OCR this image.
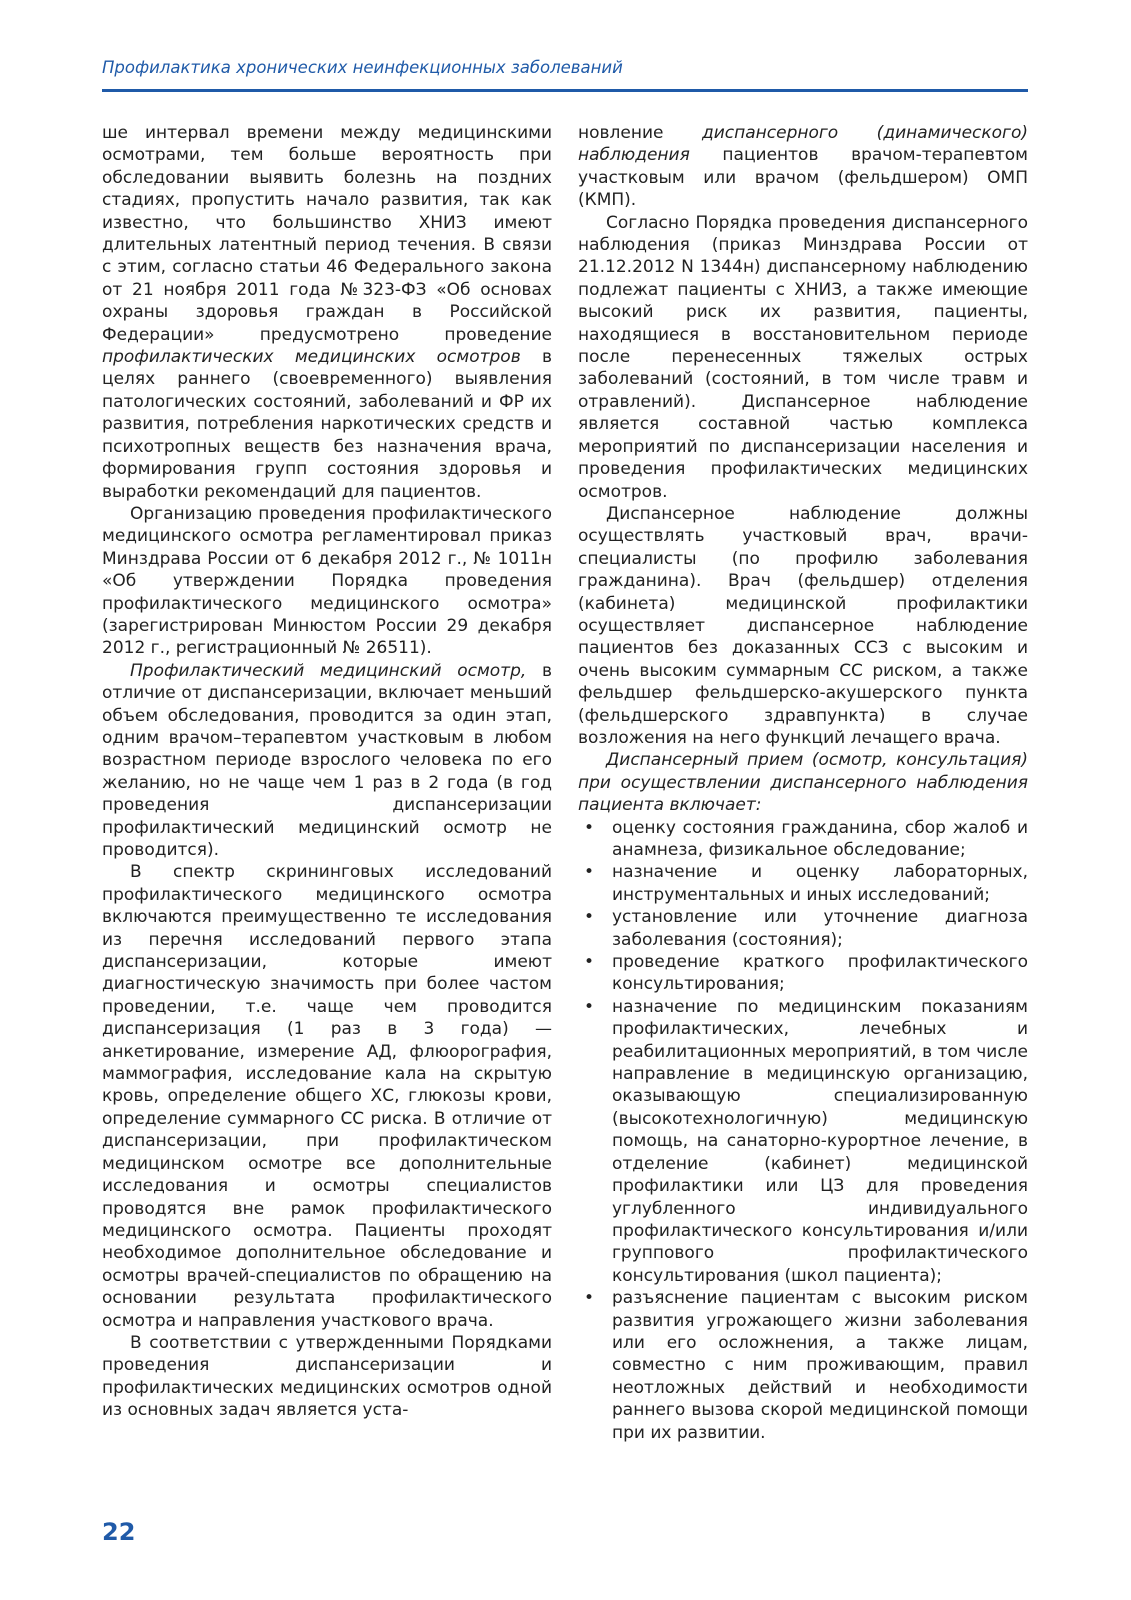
Профилактика хронических неинфекционных заболеваний

ше интервал времени между медицинскими осмотрами, тем больше вероятность при обследовании выявить болезнь на поздних стадиях, пропустить начало развития, так как известно, что большинство ХНИЗ имеют длительных латентный период течения. В связи с этим, согласно статьи 46 Федерального закона от 21 ноября 2011 года №323-ФЗ «Об основах охраны здоровья граждан в Российской Федерации» предусмотрено проведение профилактических медицинских осмотров в целях раннего (своевременного) выявления патологических состояний, заболеваний и ФР их развития, потребления наркотических средств и психотропных веществ без назначения врача, формирования групп состояния здоровья и выработки рекомендаций для пациентов.

Организацию проведения профилактического медицинского осмотра регламентировал приказ Минздрава России от 6 декабря 2012 г., № 1011н «Об утверждении Порядка проведения профилактического медицинского осмотра» (зарегистрирован Минюстом России 29 декабря 2012 г., регистрационный № 26511).

Профилактический медицинский осмотр, в отличие от диспансеризации, включает меньший объем обследования, проводится за один этап, одним врачом–терапевтом участковым в любом возрастном периоде взрослого человека по его желанию, но не чаще чем 1 раз в 2 года (в год проведения диспансеризации профилактический медицинский осмотр не проводится).

В спектр скрининговых исследований профилактического медицинского осмотра включаются преимущественно те исследования из перечня исследований первого этапа диспансеризации, которые имеют диагностическую значимость при более частом проведении, т.е. чаще чем проводится диспансеризация (1 раз в 3 года) — анкетирование, измерение АД, флюорография, маммография, исследование кала на скрытую кровь, определение общего ХС, глюкозы крови, определение суммарного СС риска. В отличие от диспансеризации, при профилактическом медицинском осмотре все дополнительные исследования и осмотры специалистов проводятся вне рамок профилактического медицинского осмотра. Пациенты проходят необходимое дополнительное обследование и осмотры врачей-специалистов по обращению на основании результата профилактического осмотра и направления участкового врача.

В соответствии с утвержденными Порядками проведения диспансеризации и профилактических медицинских осмотров одной из основных задач является уста-

новление диспансерного (динамического) наблюдения пациентов врачом-терапевтом участковым или врачом (фельдшером) ОМП (КМП).

Согласно Порядка проведения диспансерного наблюдения (приказ Минздрава России от 21.12.2012 N 1344н) диспансерному наблюдению подлежат пациенты с ХНИЗ, а также имеющие высокий риск их развития, пациенты, находящиеся в восстановительном периоде после перенесенных тяжелых острых заболеваний (состояний, в том числе травм и отравлений). Диспансерное наблюдение является составной частью комплекса мероприятий по диспансеризации населения и проведения профилактических медицинских осмотров.

Диспансерное наблюдение должны осуществлять участковый врач, врачи-специалисты (по профилю заболевания гражданина). Врач (фельдшер) отделения (кабинета) медицинской профилактики осуществляет диспансерное наблюдение пациентов без доказанных ССЗ с высоким и очень высоким суммарным СС риском, а также фельдшер фельдшерско-акушерского пункта (фельдшерского здравпункта) в случае возложения на него функций лечащего врача.

Диспансерный прием (осмотр, консультация) при осуществлении диспансерного наблюдения пациента включает:

• оценку состояния гражданина, сбор жалоб и анамнеза, физикальное обследование;
• назначение и оценку лабораторных, инструментальных и иных исследований;
• установление или уточнение диагноза заболевания (состояния);
• проведение краткого профилактического консультирования;
• назначение по медицинским показаниям профилактических, лечебных и реабилитационных мероприятий, в том числе направление в медицинскую организацию, оказывающую специализированную (высокотехнологичную) медицинскую помощь, на санаторно-курортное лечение, в отделение (кабинет) медицинской профилактики или ЦЗ для проведения углубленного индивидуального профилактического консультирования и/или группового профилактического консультирования (школ пациента);
• разъяснение пациентам с высоким риском развития угрожающего жизни заболевания или его осложнения, а также лицам, совместно с ним проживающим, правил неотложных действий и необходимости раннего вызова скорой медицинской помощи при их развитии.
22
